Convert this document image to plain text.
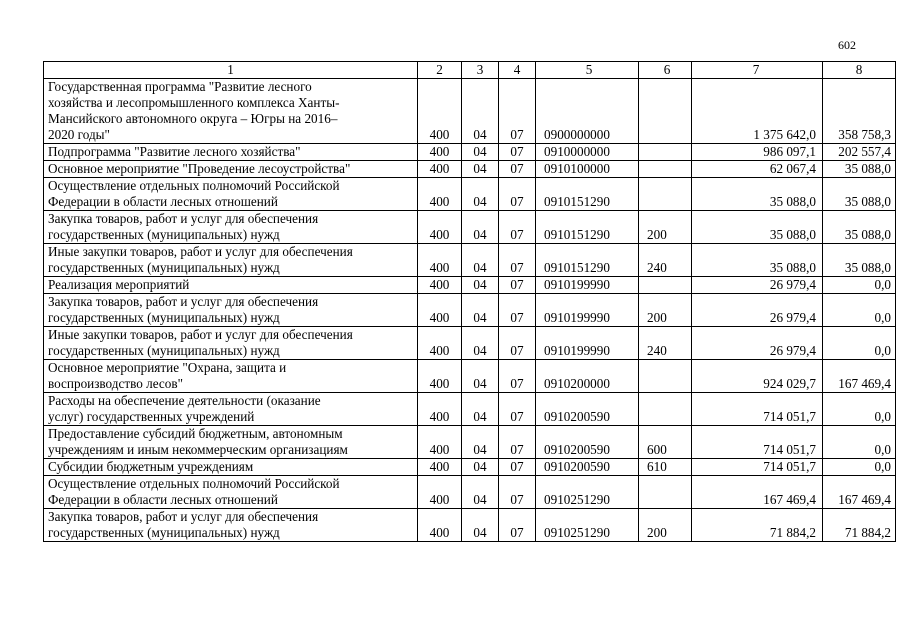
602
1	2	3	4	5	6	7	8
Государственная программа "Развитие лесного
хозяйства и лесопромышленного комплекса Ханты-
Мансийского автономного округа – Югры на 2016–
2020 годы"	400	04	07	0900000000		1 375 642,0	358 758,3
Подпрограмма "Развитие лесного хозяйства"	400	04	07	0910000000		986 097,1	202 557,4
Основное мероприятие "Проведение лесоустройства"	400	04	07	0910100000		62 067,4	35 088,0
Осуществление отдельных полномочий Российской
Федерации в области лесных отношений	400	04	07	0910151290		35 088,0	35 088,0
Закупка товаров, работ и услуг для обеспечения
государственных (муниципальных) нужд	400	04	07	0910151290	200	35 088,0	35 088,0
Иные закупки товаров, работ и услуг для обеспечения
государственных (муниципальных) нужд	400	04	07	0910151290	240	35 088,0	35 088,0
Реализация мероприятий	400	04	07	0910199990		26 979,4	0,0
Закупка товаров, работ и услуг для обеспечения
государственных (муниципальных) нужд	400	04	07	0910199990	200	26 979,4	0,0
Иные закупки товаров, работ и услуг для обеспечения
государственных (муниципальных) нужд	400	04	07	0910199990	240	26 979,4	0,0
Основное мероприятие "Охрана, защита и
воспроизводство лесов"	400	04	07	0910200000		924 029,7	167 469,4
Расходы на обеспечение деятельности (оказание
услуг) государственных учреждений	400	04	07	0910200590		714 051,7	0,0
Предоставление субсидий бюджетным, автономным
учреждениям и иным некоммерческим организациям	400	04	07	0910200590	600	714 051,7	0,0
Субсидии бюджетным учреждениям	400	04	07	0910200590	610	714 051,7	0,0
Осуществление отдельных полномочий Российской
Федерации в области лесных отношений	400	04	07	0910251290		167 469,4	167 469,4
Закупка товаров, работ и услуг для обеспечения
государственных (муниципальных) нужд	400	04	07	0910251290	200	71 884,2	71 884,2
